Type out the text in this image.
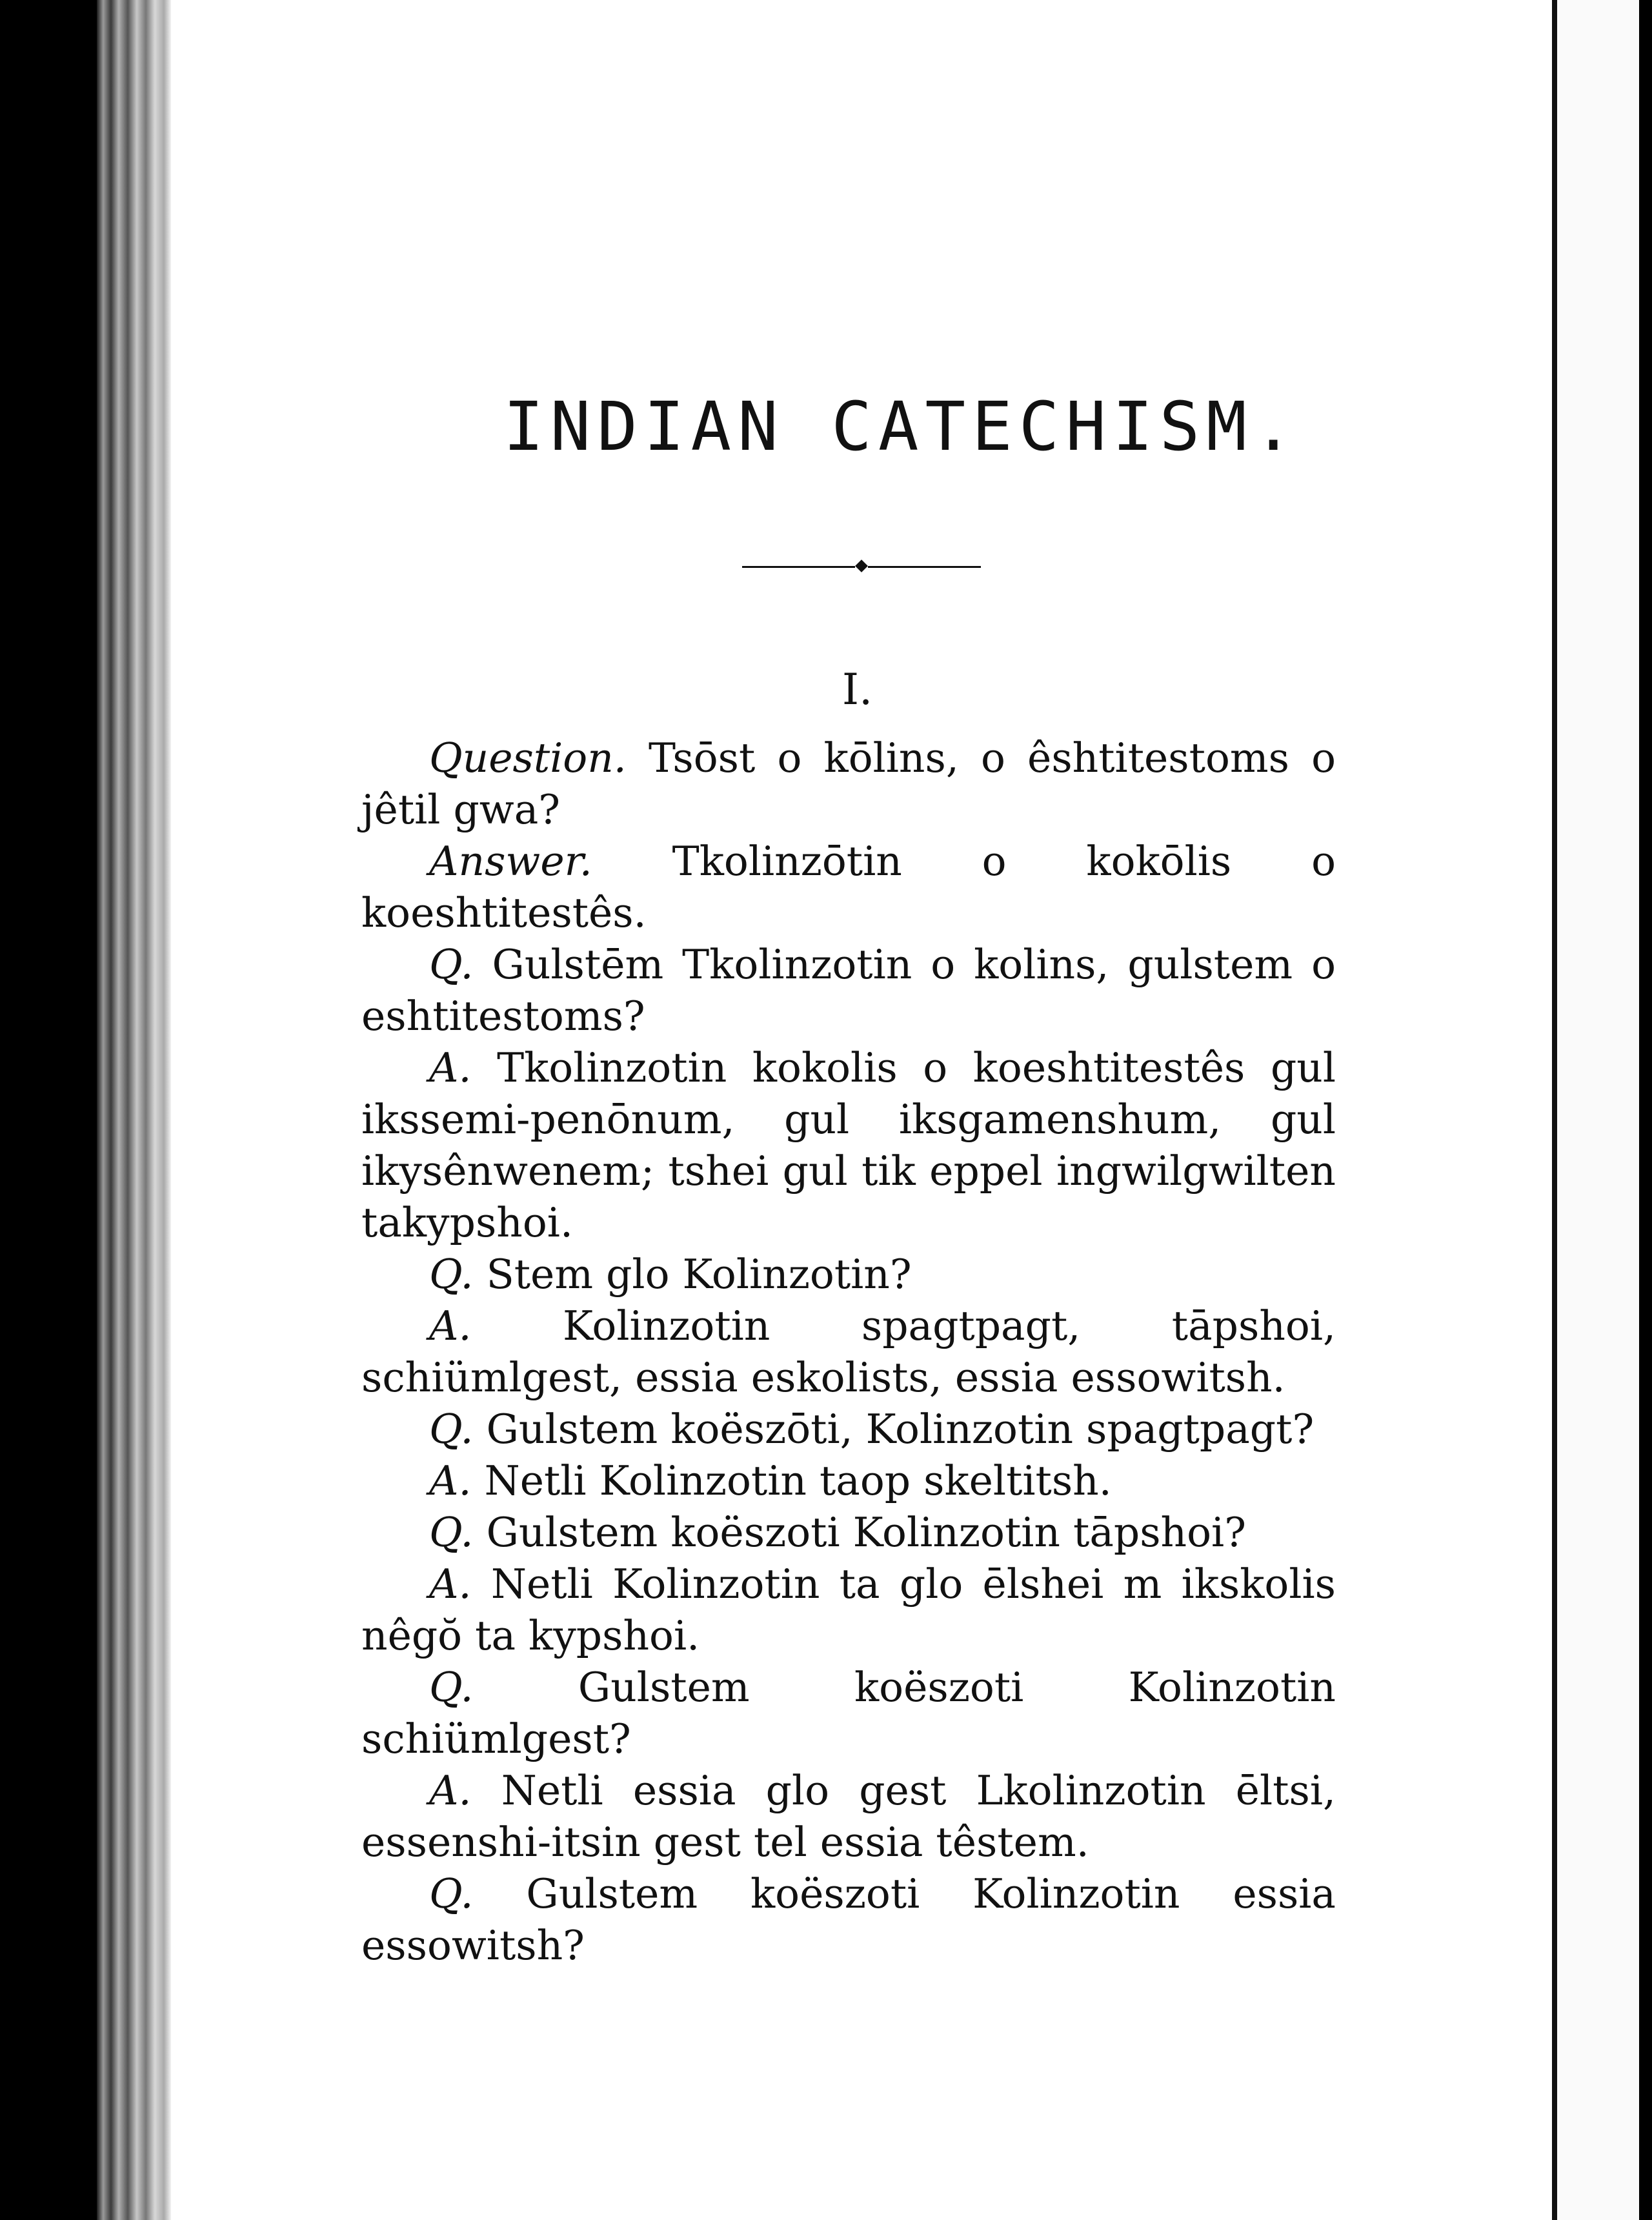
INDIAN CATECHISM.
I.

Question. Tsōst o kōlins, o êshtitestoms o jêtil gwa?

Answer. Tkolinzōtin o kokōlis o koeshtitestês.

Q. Gulstēm Tkolinzotin o kolins, gulstem o eshtitestoms?

A. Tkolinzotin kokolis o koeshtitestês gul ikssemi-penōnum, gul iksgamenshum, gul ikysênwenem; tshei gul tik eppel ingwilgwilten takypshoi.

Q. Stem glo Kolinzotin?

A. Kolinzotin spagtpagt, tāpshoi, schiümlgest, essia eskolists, essia essowitsh.

Q. Gulstem koëszōti, Kolinzotin spagtpagt?

A. Netli Kolinzotin taop skeltitsh.

Q. Gulstem koëszoti Kolinzotin tāpshoi?

A. Netli Kolinzotin ta glo ēlshei m ikskolis nêgŏ ta kypshoi.

Q.	Gulstem koëszoti Kolinzotin schiümlgest?

A. Netli essia glo gest Lkolinzotin ēltsi, essenshi-itsin gest tel essia têstem.

Q. Gulstem koëszoti Kolinzotin essia essowitsh?
